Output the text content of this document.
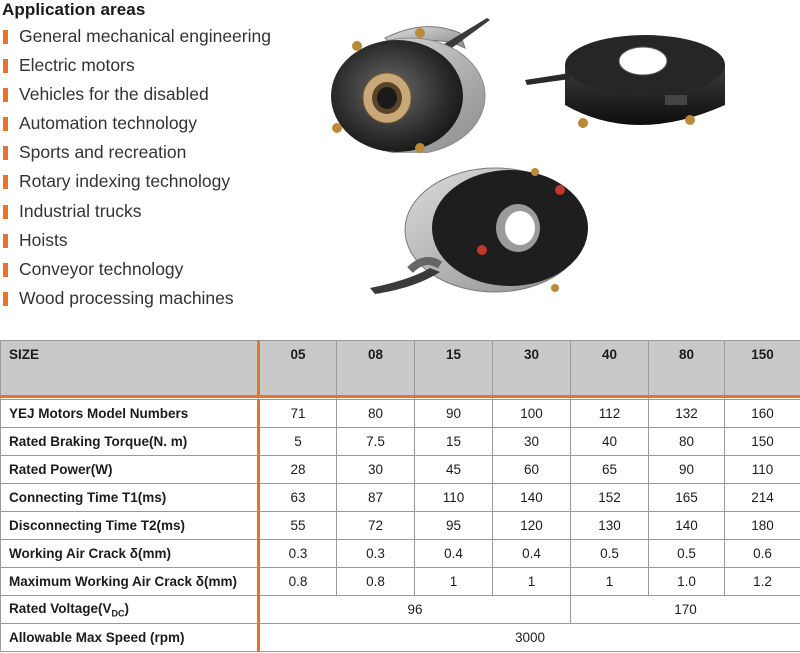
Application areas
General mechanical engineering
Electric motors
Vehicles for the disabled
Automation technology
Sports and recreation
Rotary indexing technology
Industrial trucks
Hoists
Conveyor technology
Wood processing machines
SIZE	05	08	15	30	40	80	150

YEJ Motors Model Numbers	71	80	90	100	112	132	160
Rated Braking Torque(N. m)	5	7.5	15	30	40	80	150
Rated Power(W)	28	30	45	60	65	90	110
Connecting Time T1(ms)	63	87	110	140	152	165	214
Disconnecting Time T2(ms)	55	72	95	120	130	140	180
Working Air Crack δ(mm)	0.3	0.3	0.4	0.4	0.5	0.5	0.6
Maximum Working Air Crack δ(mm)	0.8	0.8	1	1	1	1.0	1.2
Rated $Voltage(V_{DC})$	96				170		
Allowable Max Speed (rpm)	3000						
